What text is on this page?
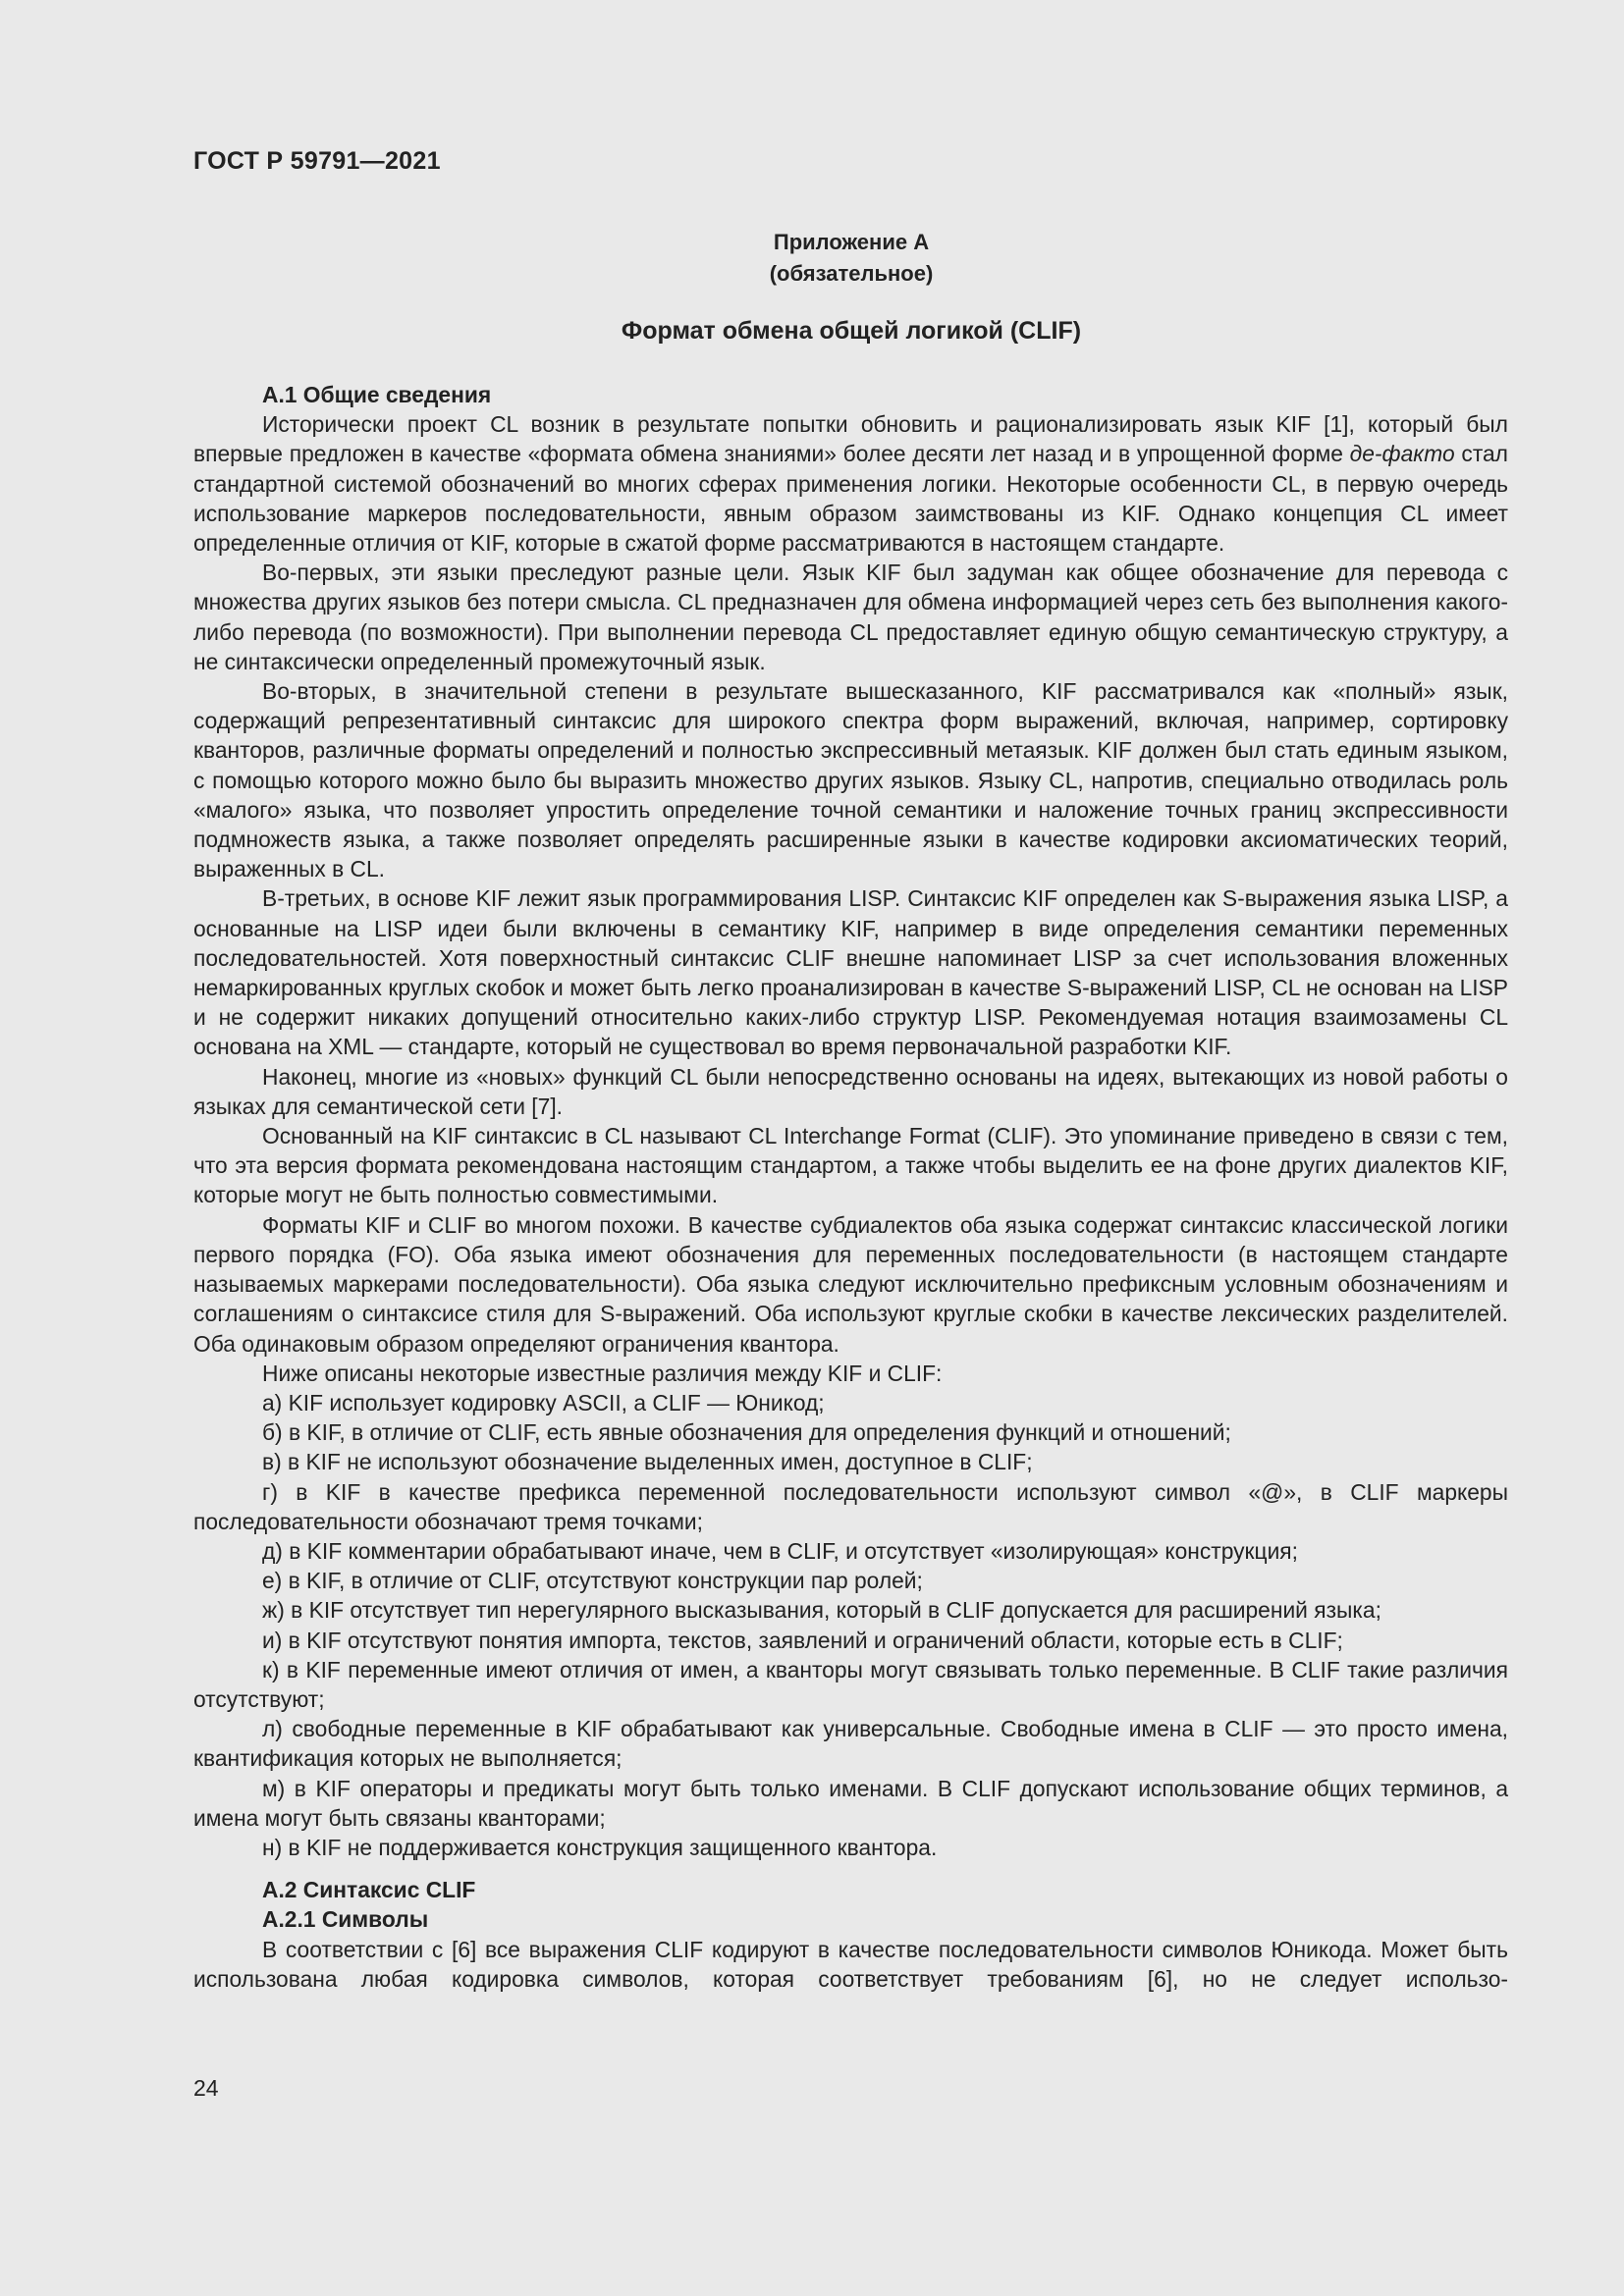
ГОСТ Р 59791—2021
Приложение А
(обязательное)
Формат обмена общей логикой (CLIF)
А.1 Общие сведения

Исторически проект CL возник в результате попытки обновить и рационализировать язык KIF [1], который был впервые предложен в качестве «формата обмена знаниями» более десяти лет назад и в упрощенной форме де-факто стал стандартной системой обозначений во многих сферах применения логики. Некоторые особенности CL, в первую очередь использование маркеров последовательности, явным образом заимствованы из KIF. Однако концепция CL имеет определенные отличия от KIF, которые в сжатой форме рассматриваются в настоящем стандарте.

Во-первых, эти языки преследуют разные цели. Язык KIF был задуман как общее обозначение для перевода с множества других языков без потери смысла. CL предназначен для обмена информацией через сеть без выполнения какого-либо перевода (по возможности). При выполнении перевода CL предоставляет единую общую семантическую структуру, а не синтаксически определенный промежуточный язык.

Во-вторых, в значительной степени в результате вышесказанного, KIF рассматривался как «полный» язык, содержащий репрезентативный синтаксис для широкого спектра форм выражений, включая, например, сортировку кванторов, различные форматы определений и полностью экспрессивный метаязык. KIF должен был стать единым языком, с помощью которого можно было бы выразить множество других языков. Языку CL, напротив, специально отводилась роль «малого» языка, что позволяет упростить определение точной семантики и наложение точных границ экспрессивности подмножеств языка, а также позволяет определять расширенные языки в качестве кодировки аксиоматических теорий, выраженных в CL.

В-третьих, в основе KIF лежит язык программирования LISP. Синтаксис KIF определен как S-выражения языка LISP, а основанные на LISP идеи были включены в семантику KIF, например в виде определения семантики переменных последовательностей. Хотя поверхностный синтаксис CLIF внешне напоминает LISP за счет использования вложенных немаркированных круглых скобок и может быть легко проанализирован в качестве S-выражений LISP, CL не основан на LISP и не содержит никаких допущений относительно каких-либо структур LISP. Рекомендуемая нотация взаимозамены CL основана на XML — стандарте, который не существовал во время первоначальной разработки KIF.

Наконец, многие из «новых» функций CL были непосредственно основаны на идеях, вытекающих из новой работы о языках для семантической сети [7].

Основанный на KIF синтаксис в CL называют CL Interchange Format (CLIF). Это упоминание приведено в связи с тем, что эта версия формата рекомендована настоящим стандартом, а также чтобы выделить ее на фоне других диалектов KIF, которые могут не быть полностью совместимыми.

Форматы KIF и CLIF во многом похожи. В качестве субдиалектов оба языка содержат синтаксис классической логики первого порядка (FO). Оба языка имеют обозначения для переменных последовательности (в настоящем стандарте называемых маркерами последовательности). Оба языка следуют исключительно префиксным условным обозначениям и соглашениям о синтаксисе стиля для S-выражений. Оба используют круглые скобки в качестве лексических разделителей. Оба одинаковым образом определяют ограничения квантора.

Ниже описаны некоторые известные различия между KIF и CLIF:

а) KIF использует кодировку ASCII, а CLIF — Юникод;
б) в KIF, в отличие от CLIF, есть явные обозначения для определения функций и отношений;
в) в KIF не используют обозначение выделенных имен, доступное в CLIF;
г) в KIF в качестве префикса переменной последовательности используют символ «@», в CLIF маркеры последовательности обозначают тремя точками;
д) в KIF комментарии обрабатывают иначе, чем в CLIF, и отсутствует «изолирующая» конструкция;
е) в KIF, в отличие от CLIF, отсутствуют конструкции пар ролей;
ж) в KIF отсутствует тип нерегулярного высказывания, который в CLIF допускается для расширений языка;
и) в KIF отсутствуют понятия импорта, текстов, заявлений и ограничений области, которые есть в CLIF;
к) в KIF переменные имеют отличия от имен, а кванторы могут связывать только переменные. В CLIF такие различия отсутствуют;
л) свободные переменные в KIF обрабатывают как универсальные. Свободные имена в CLIF — это просто имена, квантификация которых не выполняется;
м) в KIF операторы и предикаты могут быть только именами. В CLIF допускают использование общих терминов, а имена могут быть связаны кванторами;
н) в KIF не поддерживается конструкция защищенного квантора.
А.2 Синтаксис CLIF
А.2.1 Символы

В соответствии с [6] все выражения CLIF кодируют в качестве последовательности символов Юникода. Может быть использована любая кодировка символов, которая соответствует требованиям [6], но не следует использо-

24
